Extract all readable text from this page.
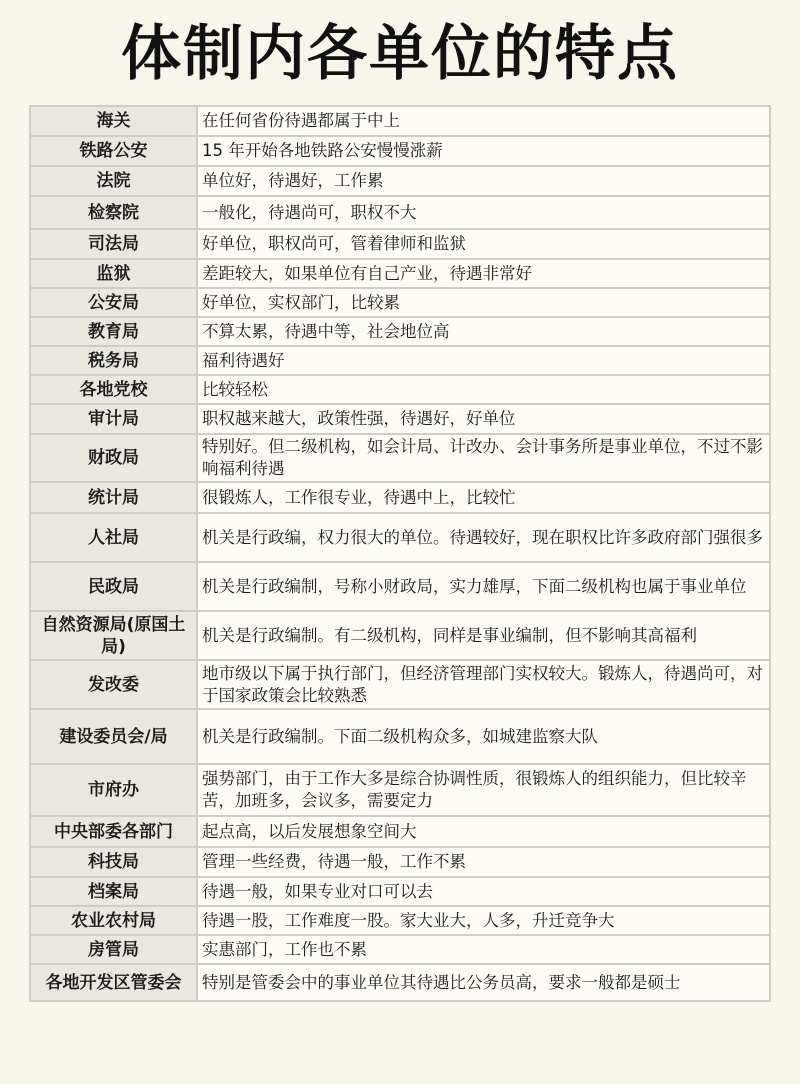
体制内各单位的特点
海关	在任何省份待遇都属于中上
铁路公安	15 年开始各地铁路公安慢慢涨薪
法院	单位好，待遇好，工作累
检察院	一般化，待遇尚可，职权不大
司法局	好单位，职权尚可，管着律师和监狱
监狱	差距较大，如果单位有自己产业，待遇非常好
公安局	好单位，实权部门，比较累
教育局	不算太累，待遇中等，社会地位高
税务局	福利待遇好
各地党校	比较轻松
审计局	职权越来越大，政策性强，待遇好，好单位
财政局	特别好。但二级机构，如会计局、计改办、会计事务所是事业单位，不过不影响福利待遇
统计局	很锻炼人，工作很专业，待遇中上，比较忙
人社局	机关是行政编，权力很大的单位。待遇较好，现在职权比许多政府部门强很多
民政局	机关是行政编制，号称小财政局，实力雄厚，下面二级机构也属于事业单位
自然资源局(原国土局)	机关是行政编制。有二级机构，同样是事业编制，但不影响其高福利
发改委	地市级以下属于执行部门，但经济管理部门实权较大。锻炼人，待遇尚可，对于国家政策会比较熟悉
建设委员会/局	机关是行政编制。下面二级机构众多，如城建监察大队
市府办	强势部门，由于工作大多是综合协调性质，很锻炼人的组织能力，但比较辛苦，加班多，会议多，需要定力
中央部委各部门	起点高，以后发展想象空间大
科技局	管理一些经费，待遇一般，工作不累
档案局	待遇一般，如果专业对口可以去
农业农村局	待遇一股，工作难度一股。家大业大，人多，升迁竞争大
房管局	实惠部门，工作也不累
各地开发区管委会	特别是管委会中的事业单位其待遇比公务员高，要求一般都是硕士
